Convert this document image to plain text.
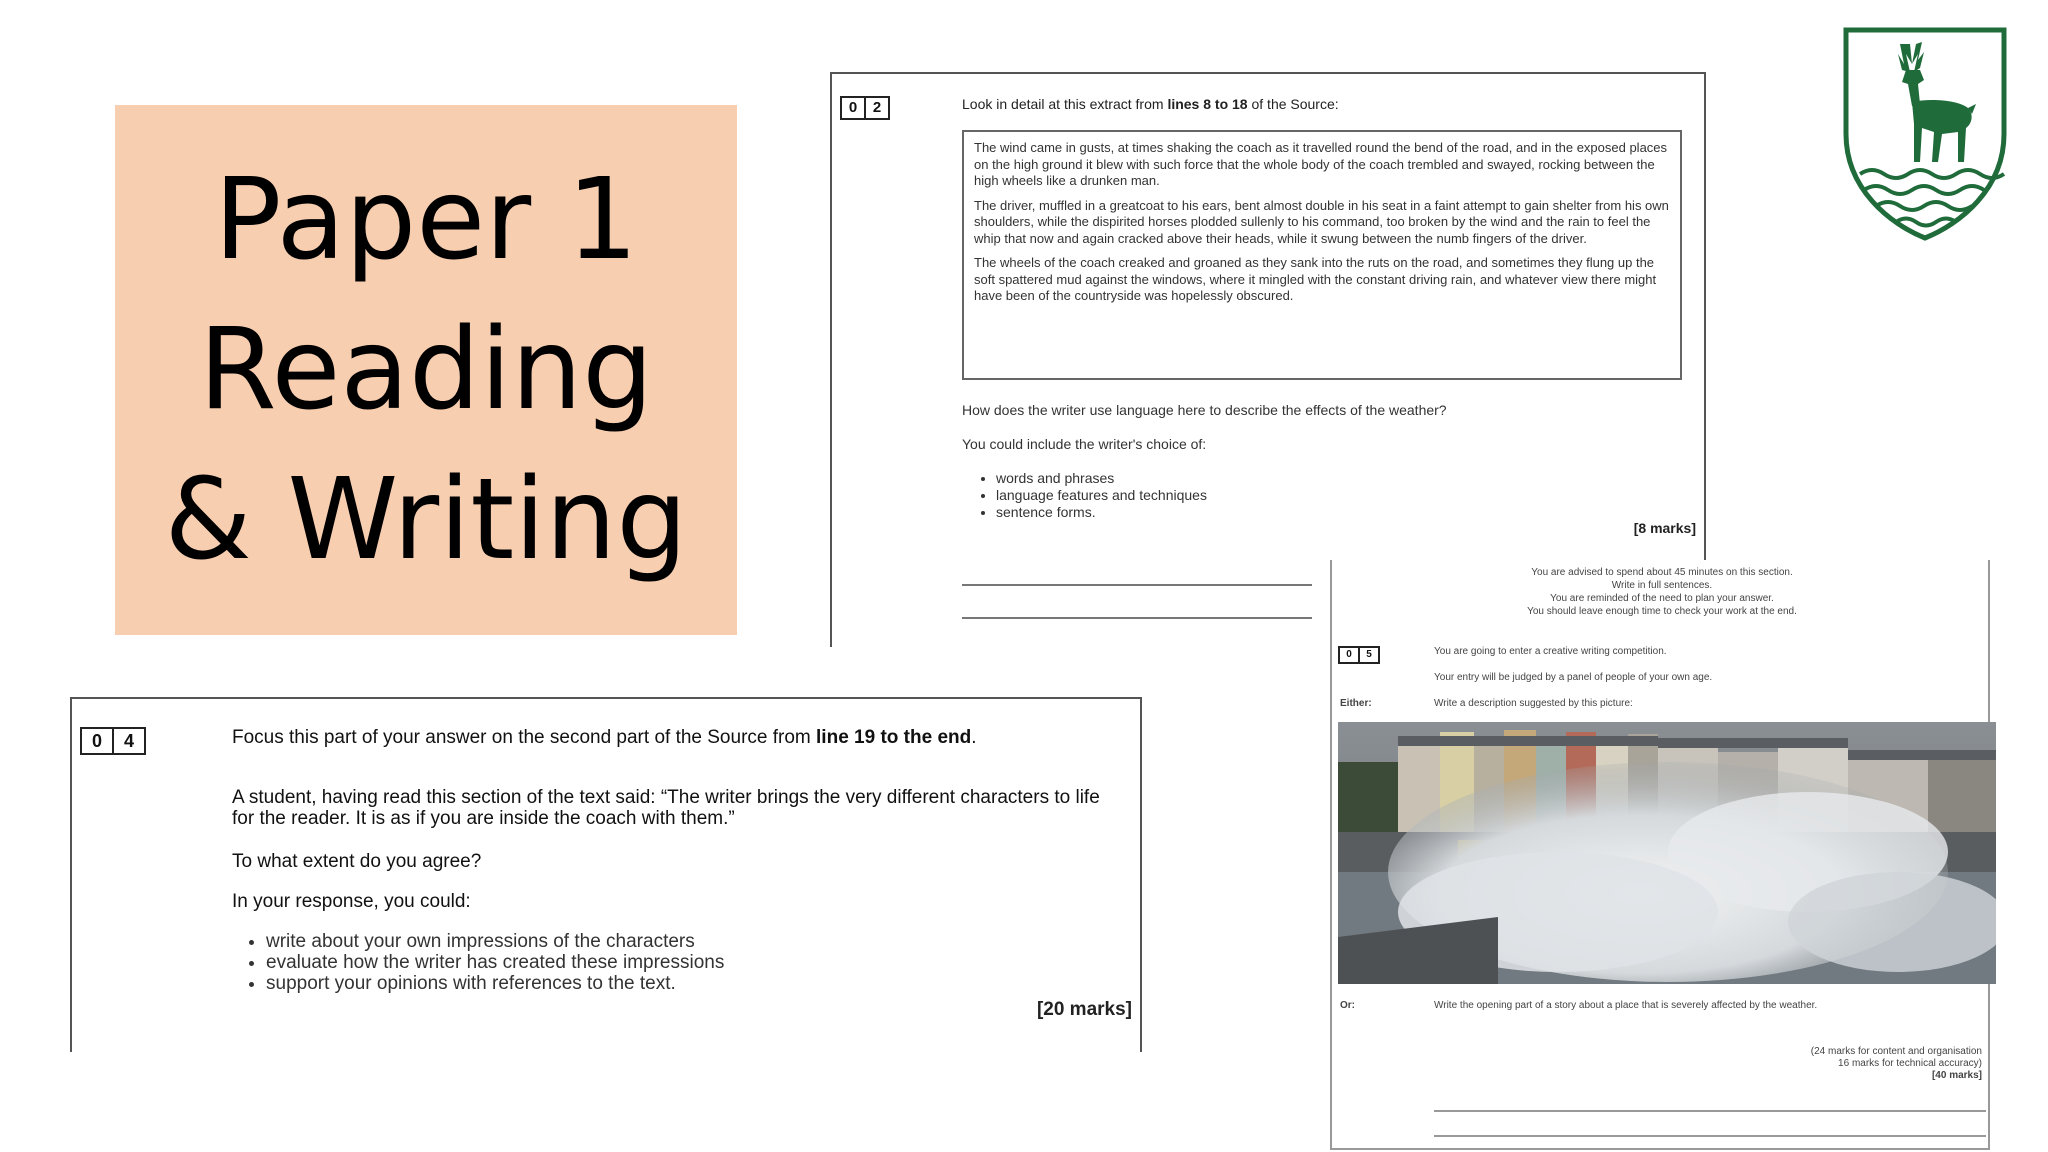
Paper 1
Reading
& Writing
0	2	Look in detail at this extract from lines 8 to 18 of the Source:

The wind came in gusts, at times shaking the coach as it travelled round the bend of the road, and in the exposed places on the high ground it blew with such force that the whole body of the coach trembled and swayed, rocking between the high wheels like a drunken man.

The driver, muffled in a greatcoat to his ears, bent almost double in his seat in a faint attempt to gain shelter from his own shoulders, while the dispirited horses plodded sullenly to his command, too broken by the wind and the rain to feel the whip that now and again cracked above their heads, while it swung between the numb fingers of the driver.

The wheels of the coach creaked and groaned as they sank into the ruts on the road, and sometimes they flung up the soft spattered mud against the windows, where it mingled with the constant driving rain, and whatever view there might have been of the countryside was hopelessly obscured.

How does the writer use language here to describe the effects of the weather?
You could include the writer's choice of:
• words and phrases
• language features and techniques
• sentence forms.
[8 marks]
You are advised to spend about 45 minutes on this section.
Write in full sentences.
You are reminded of the need to plan your answer.
You should leave enough time to check your work at the end.
0	5	You are going to enter a creative writing competition.
Your entry will be judged by a panel of people of your own age.
Either:	Write a description suggested by this picture:
Or:	Write the opening part of a story about a place that is severely affected by the weather.
(24 marks for content and organisation
16 marks for technical accuracy)
[40 marks]
0	4	Focus this part of your answer on the second part of the Source from line 19 to the end.
A student, having read this section of the text said: “The writer brings the very different characters to life for the reader. It is as if you are inside the coach with them.”
To what extent do you agree?
In your response, you could:
• write about your own impressions of the characters
• evaluate how the writer has created these impressions
• support your opinions with references to the text.
[20 marks]
